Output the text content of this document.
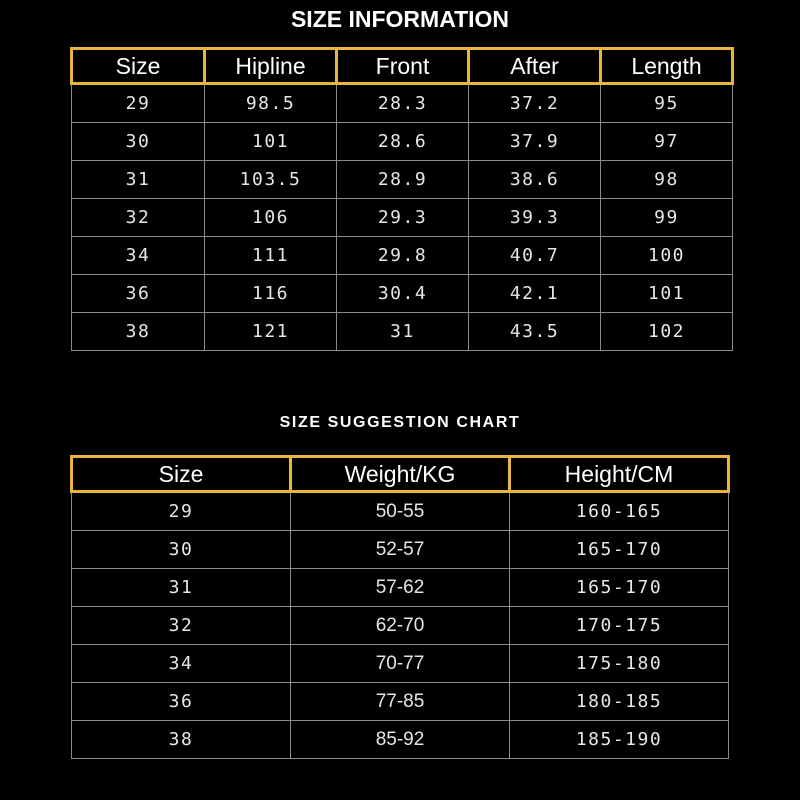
SIZE INFORMATION
Size	Hipline	Front	After	Length
29	98.5	28.3	37.2	95
30	101	28.6	37.9	97
31	103.5	28.9	38.6	98
32	106	29.3	39.3	99
34	111	29.8	40.7	100
36	116	30.4	42.1	101
38	121	31	43.5	102
SIZE SUGGESTION CHART
Size	Weight/KG	Height/CM
29	50-55	160-165
30	52-57	165-170
31	57-62	165-170
32	62-70	170-175
34	70-77	175-180
36	77-85	180-185
38	85-92	185-190
